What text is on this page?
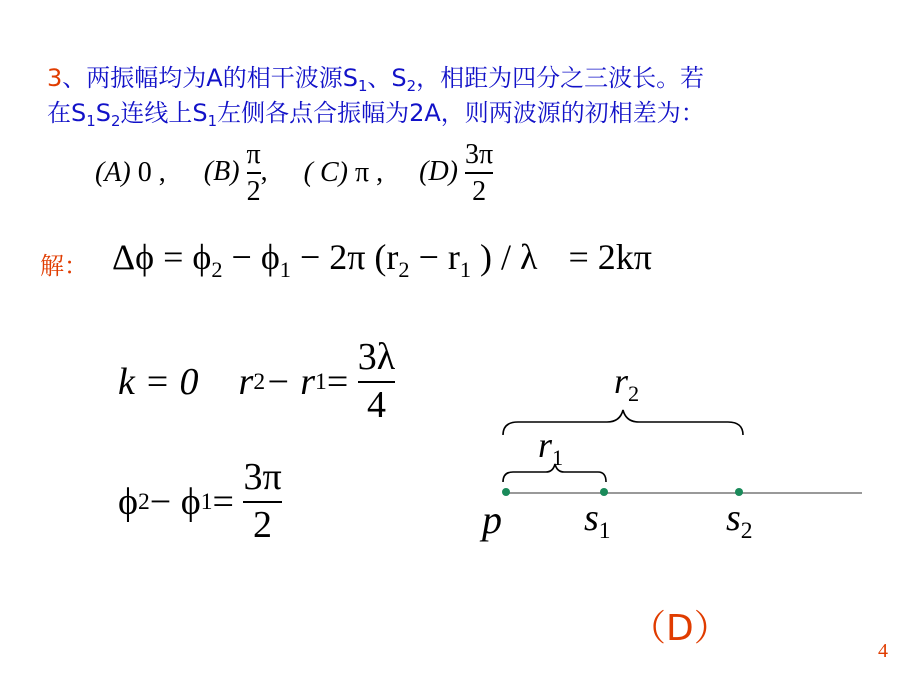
3、两振幅均为A的相干波源$S_1$、$S_2$，相距为四分之三波长。若
在$S_1S_2$连线上$S_1$左侧各点合振幅为2A，则两波源的初相差为：
(A) 0 , $(B) \frac{\pi}{2}$ , ( C) π , $(D) \frac{3\pi}{2}$
解： $\Delta\phi = \phi_2 - \phi_1 - 2\pi$ ($r_2 - r_1$ ) / λ = 2kπ
k = 0 r 2 − r 1 =
$\frac{3\lambda}{4}$
ϕ 2 − ϕ 1 =
$\frac{3\pi}{2}$
$r_2$
$r_1$
p $s_1$	$s_2$
（D）
4
